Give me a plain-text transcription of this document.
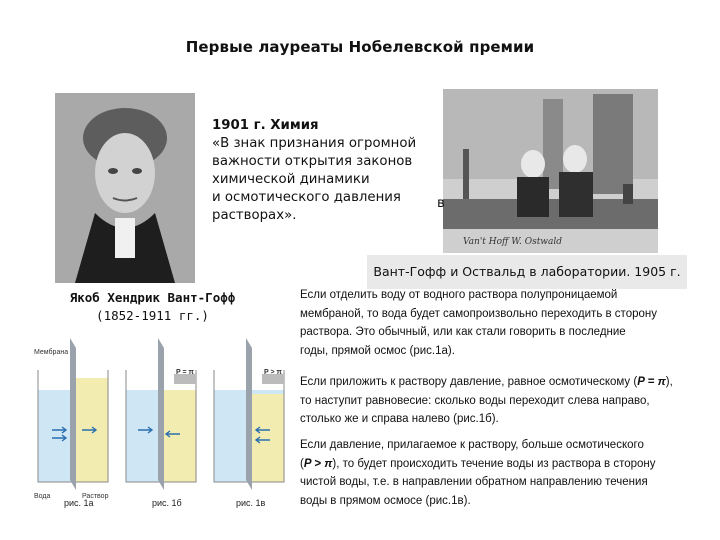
Первые лауреаты Нобелевской премии
Van't Hoff W. Ostwald
1901 г. Химия
«В знак признания огромной
важности открытия законов
химической динамики
и осмотического давления
растворах».
в
Вант-Гофф и Оствальд в лаборатории. 1905 г.
Якоб Хендрик Вант-Гофф
(1852-1911 гг.)
Мембрана
Вода	Раствор
P = π	P > π
рис. 1а	рис. 1б	рис. 1в
Если отделить воду от водного раствора полупроницаемой
мембраной, то вода будет самопроизвольно переходить в сторону
раствора. Это обычный, или как стали говорить в последние
годы, прямой осмос (рис.1а).
Если приложить к раствору давление, равное осмотическому (P = π),
то наступит равновесие: сколько воды переходит слева направо,
столько же и справа налево (рис.1б).
Если давление, прилагаемое к раствору, больше осмотического
(P > π), то будет происходить течение воды из раствора в сторону
чистой воды, т.е. в направлении обратном направлению течения
воды в прямом осмосе (рис.1в).
